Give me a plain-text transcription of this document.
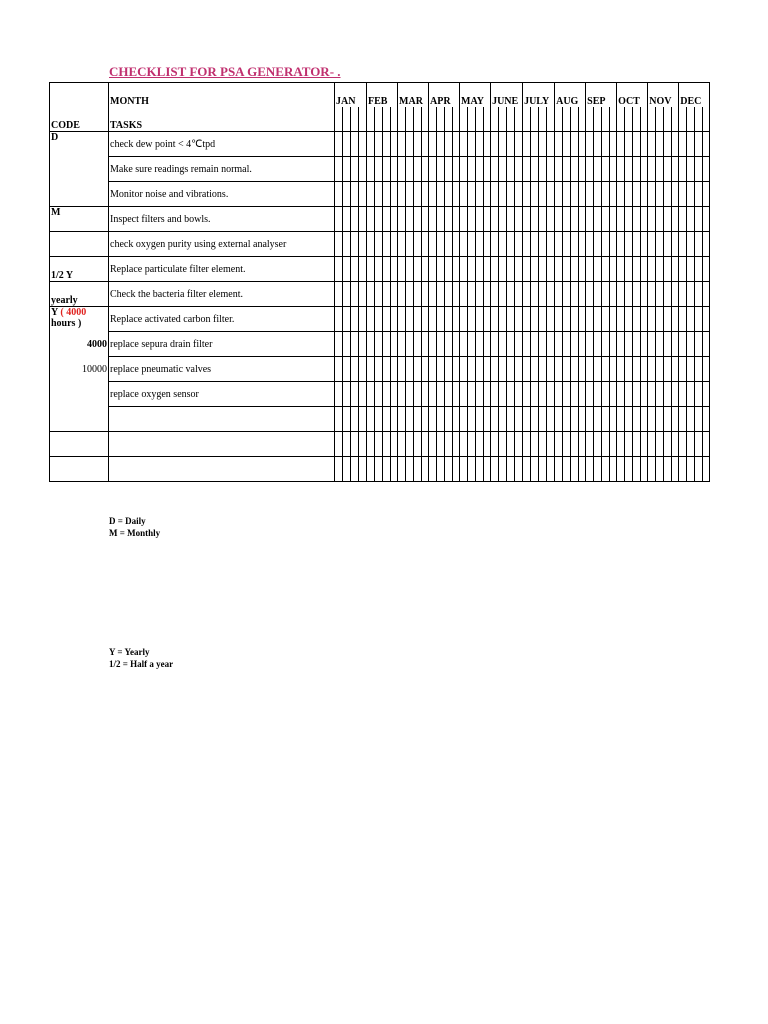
CHECKLIST FOR PSA GENERATOR- .
	MONTH	JAN				FEB				MAR				APR				MAY				JUNE				JULY				AUG				SEP				OCT				NOV				DEC			
CODE	TASKS																																																
D	check dew point < 4℃tpd																																																
	Make sure readings remain normal.																																																
	Monitor noise and vibrations.																																																
M	Inspect filters and bowls.																																																
	check oxygen purity using external analyser																																																
1/2 Y	Replace particulate filter element.																																																
yearly	Check the bacteria filter element.																																																
Y ( 4000
hours )	Replace activated carbon filter.																																																
4000	replace sepura drain filter																																																
10000	replace pneumatic valves																																																
	replace oxygen sensor																																																

D = Daily
M = Monthly
Y = Yearly
1/2 = Half a year
